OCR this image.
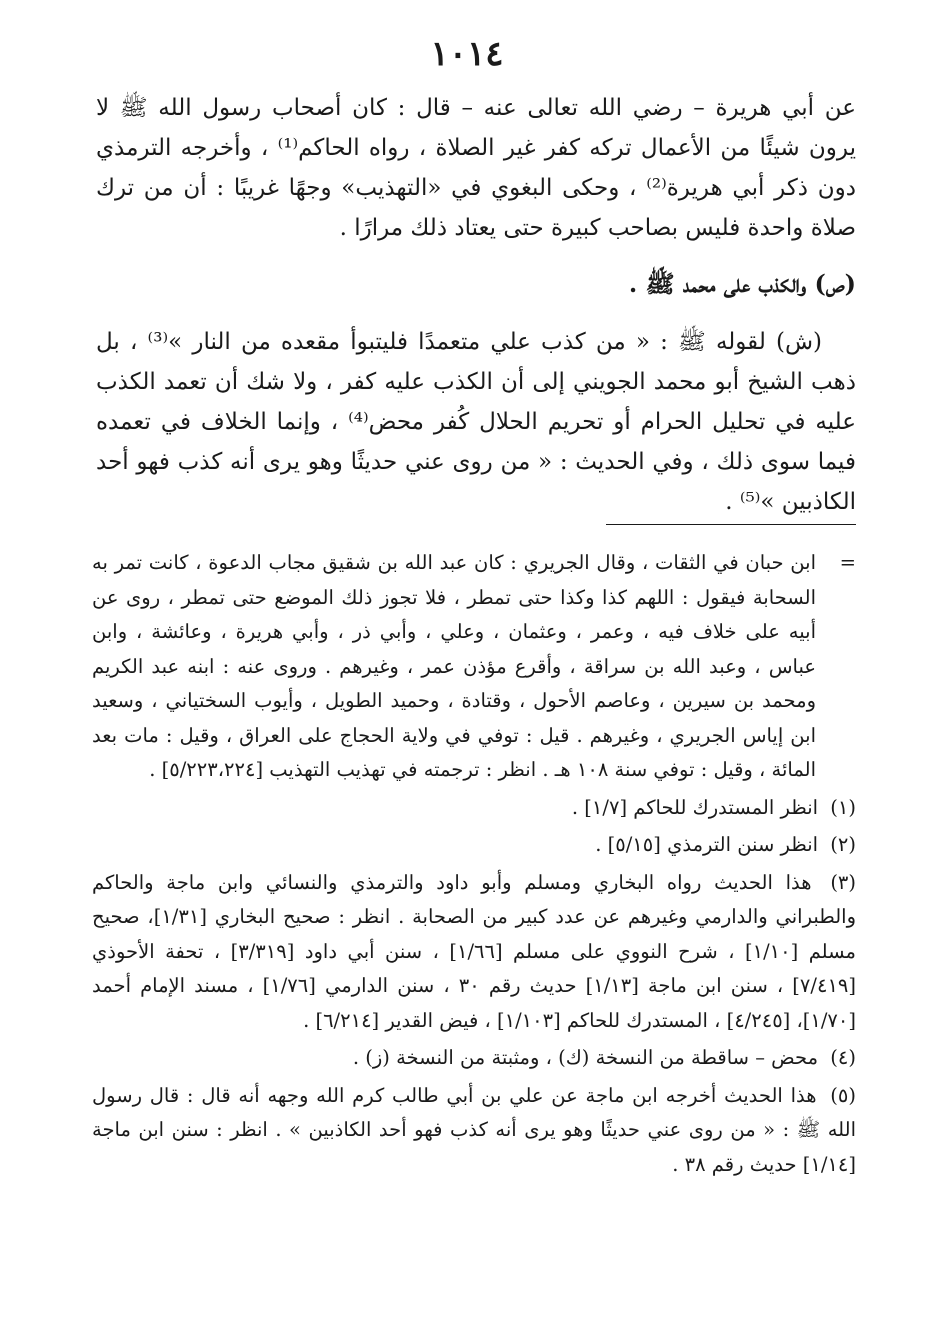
١٠١٤

عن أبي هريرة – رضي الله تعالى عنه – قال : كان أصحاب رسول الله ﷺ لا يرون شيئًا من الأعمال تركه كفر غير الصلاة ، رواه الحاكم⁽¹⁾ ، وأخرجه الترمذي دون ذكر أبي هريرة⁽²⁾ ، وحكى البغوي في «التهذيب» وجهًا غريبًا : أن من ترك صلاة واحدة فليس بصاحب كبيرة حتى يعتاد ذلك مرارًا .

(ص) والكذب على محمد ﷺ .

(ش) لقوله ﷺ : « من كذب علي متعمدًا فليتبوأ مقعده من النار »⁽³⁾ ، بل ذهب الشيخ أبو محمد الجويني إلى أن الكذب عليه كفر ، ولا شك أن تعمد الكذب عليه في تحليل الحرام أو تحريم الحلال كُفر محض⁽⁴⁾ ، وإنما الخلاف في تعمده فيما سوى ذلك ، وفي الحديث : « من روى عني حديثًا وهو يرى أنه كذب فهو أحد الكاذبين »⁽⁵⁾ .

=
ابن حبان في الثقات ، وقال الجريري : كان عبد الله بن شقيق مجاب الدعوة ، كانت تمر به السحابة فيقول : اللهم كذا وكذا حتى تمطر ، فلا تجوز ذلك الموضع حتى تمطر ، روى عن أبيه على خلاف فيه ، وعمر ، وعثمان ، وعلي ، وأبي ذر ، وأبي هريرة ، وعائشة ، وابن عباس ، وعبد الله بن سراقة ، وأقرع مؤذن عمر ، وغيرهم . وروى عنه : ابنه عبد الكريم ومحمد بن سيرين ، وعاصم الأحول ، وقتادة ، وحميد الطويل ، وأيوب السختياني ، وسعيد ابن إياس الجريري ، وغيرهم . قيل : توفي في ولاية الحجاج على العراق ، وقيل : مات بعد المائة ، وقيل : توفي سنة ١٠٨ هـ . انظر : ترجمته في تهذيب التهذيب [٥/٢٢٣،٢٢٤] .

(١) انظر المستدرك للحاكم [١/٧] .

(٢) انظر سنن الترمذي [٥/١٥] .

(٣) هذا الحديث رواه البخاري ومسلم وأبو داود والترمذي والنسائي وابن ماجة والحاكم والطبراني والدارمي وغيرهم عن عدد كبير من الصحابة . انظر : صحيح البخاري [١/٣١]، صحيح مسلم [١/١٠] ، شرح النووي على مسلم [١/٦٦] ، سنن أبي داود [٣/٣١٩] ، تحفة الأحوذي [٧/٤١٩] ، سنن ابن ماجة [١/١٣] حديث رقم ٣٠ ، سنن الدارمي [١/٧٦] ، مسند الإمام أحمد [١/٧٠]، [٤/٢٤٥] ، المستدرك للحاكم [١/١٠٣] ، فيض القدير [٦/٢١٤] .

(٤) محض – ساقطة من النسخة (ك) ، ومثبتة من النسخة (ز) .

(٥) هذا الحديث أخرجه ابن ماجة عن علي بن أبي طالب كرم الله وجهه أنه قال : قال رسول الله ﷺ : « من روى عني حديثًا وهو يرى أنه كذب فهو أحد الكاذبين » . انظر : سنن ابن ماجة [١/١٤] حديث رقم ٣٨ .
